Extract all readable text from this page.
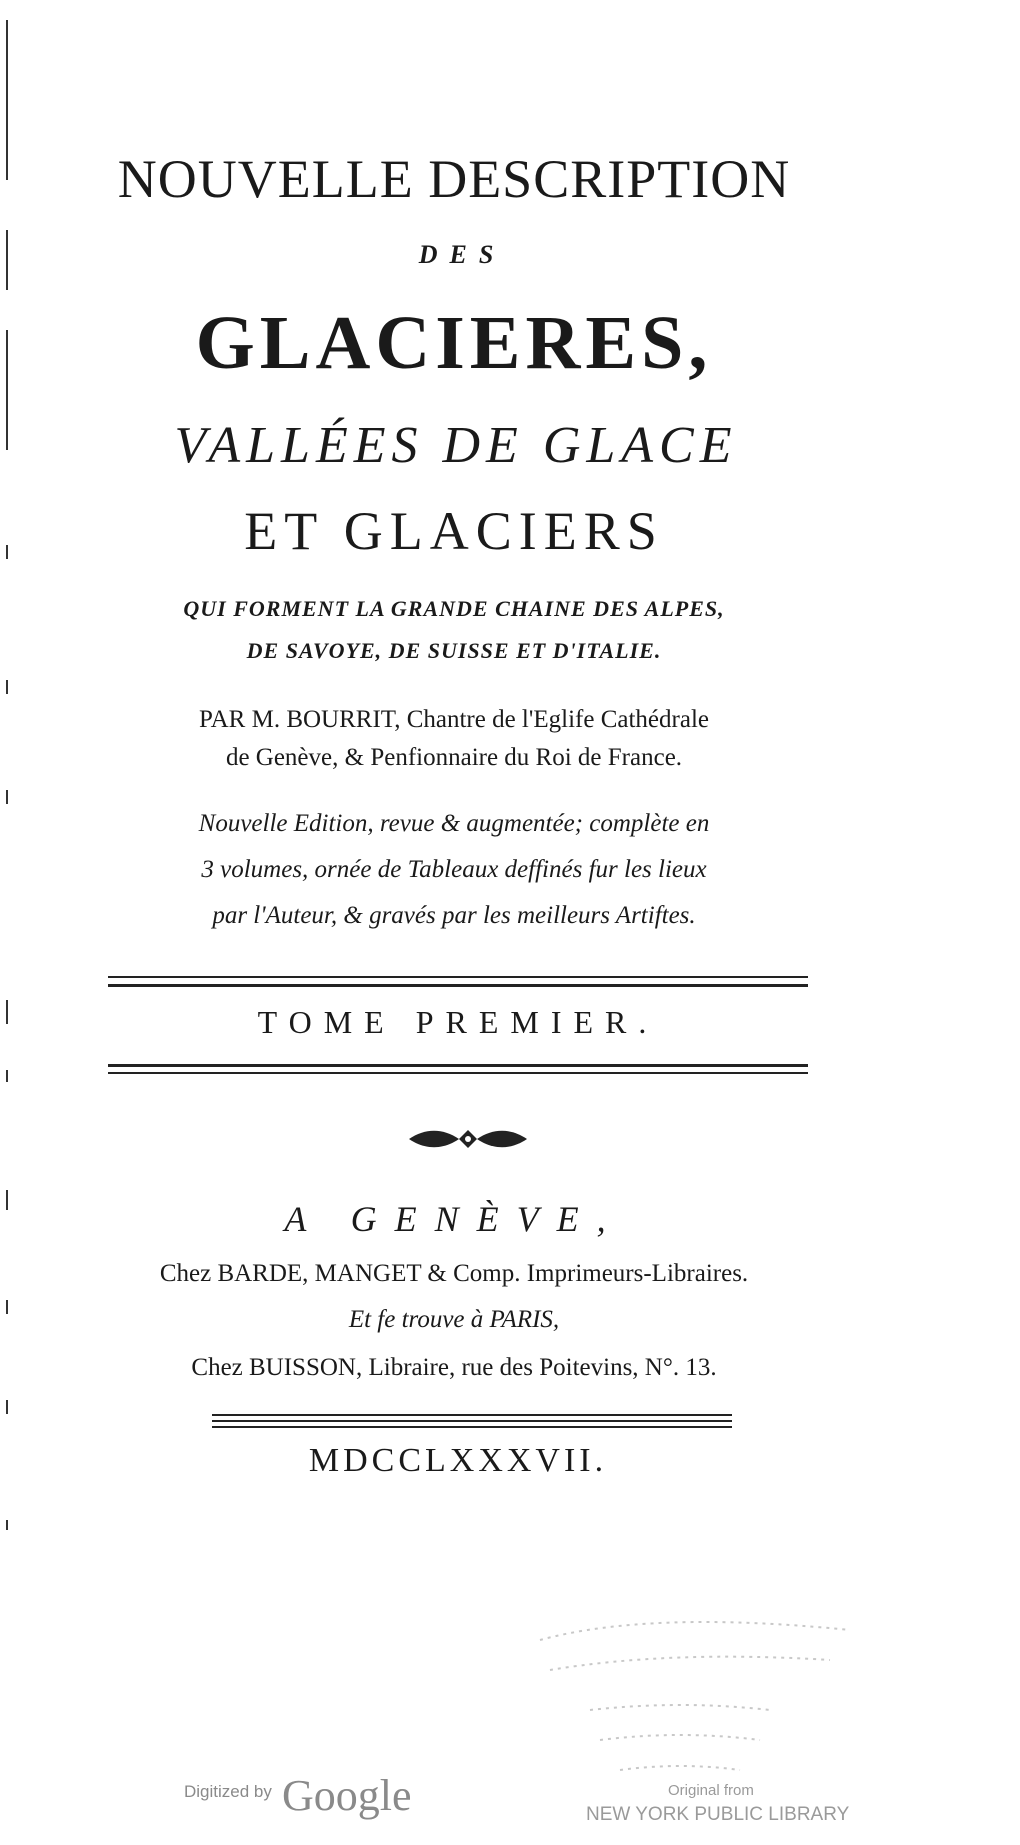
NOUVELLE DESCRIPTION
DES
GLACIERES,
VALLÉES DE GLACE
ET GLACIERS
QUI FORMENT LA GRANDE CHAINE DES ALPES,
DE SAVOYE, DE SUISSE ET D'ITALIE.
PAR M. BOURRIT, Chantre de l'Eglife Cathédrale
de Genève, & Penfionnaire du Roi de France.
Nouvelle Edition, revue & augmentée; complète en
3 volumes, ornée de Tableaux deffinés fur les lieux
par l'Auteur, & gravés par les meilleurs Artiftes.
TOME PREMIER.
A GENÈVE,
Chez BARDE, MANGET & Comp. Imprimeurs-Libraires.
Et fe trouve à PARIS,
Chez BUISSON, Libraire, rue des Poitevins, N°. 13.
MDCCLXXXVII.
Digitized by Google	Original from
NEW YORK PUBLIC LIBRARY
